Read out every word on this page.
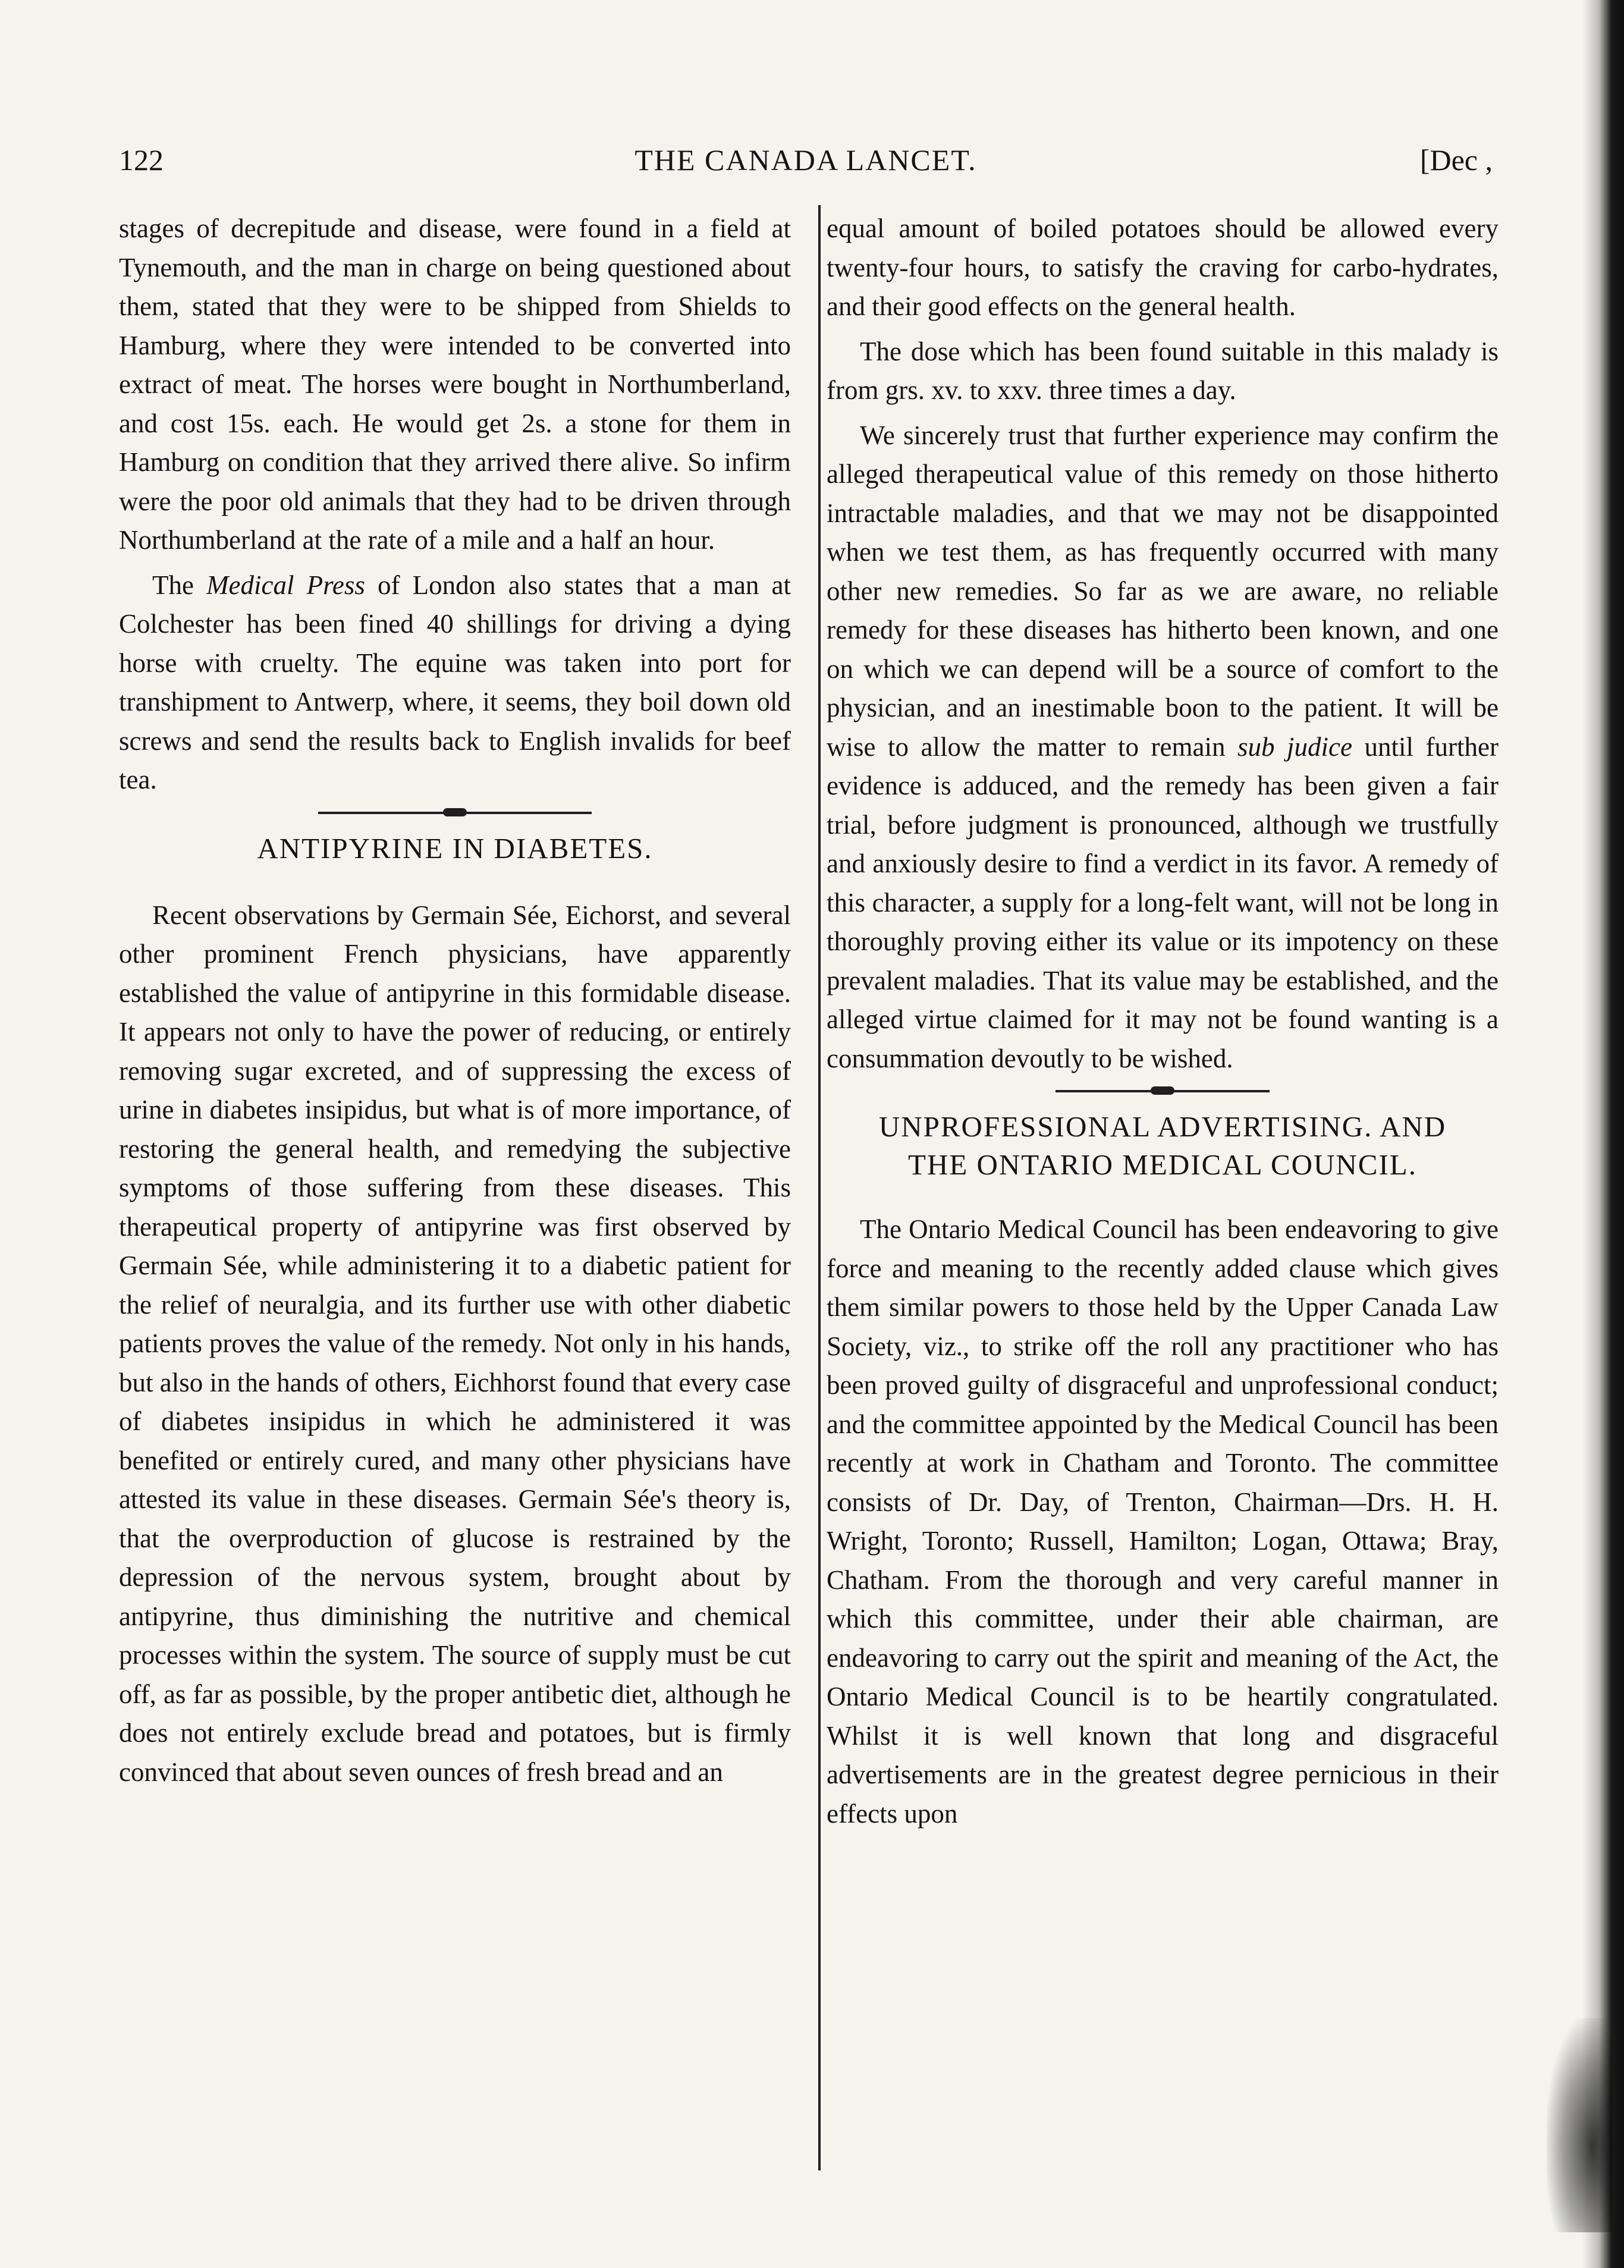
122	THE CANADA LANCET.	[Dec ,

stages of decrepitude and disease, were found in a field at Tynemouth, and the man in charge on being questioned about them, stated that they were to be shipped from Shields to Hamburg, where they were intended to be converted into extract of meat. The horses were bought in Northumberland, and cost 15s. each. He would get 2s. a stone for them in Hamburg on condition that they arrived there alive. So infirm were the poor old animals that they had to be driven through Northumberland at the rate of a mile and a half an hour.

The Medical Press of London also states that a man at Colchester has been fined 40 shillings for driving a dying horse with cruelty. The equine was taken into port for transhipment to Antwerp, where, it seems, they boil down old screws and send the results back to English invalids for beef tea.

ANTIPYRINE IN DIABETES.

Recent observations by Germain Sée, Eichorst, and several other prominent French physicians, have apparently established the value of antipyrine in this formidable disease. It appears not only to have the power of reducing, or entirely removing sugar excreted, and of suppressing the excess of urine in diabetes insipidus, but what is of more importance, of restoring the general health, and remedying the subjective symptoms of those suffering from these diseases. This therapeutical property of antipyrine was first observed by Germain Sée, while administering it to a diabetic patient for the relief of neuralgia, and its further use with other diabetic patients proves the value of the remedy. Not only in his hands, but also in the hands of others, Eichhorst found that every case of diabetes insipidus in which he administered it was benefited or entirely cured, and many other physicians have attested its value in these diseases. Germain Sée's theory is, that the overproduction of glucose is restrained by the depression of the nervous system, brought about by antipyrine, thus diminishing the nutritive and chemical processes within the system. The source of supply must be cut off, as far as possible, by the proper antibetic diet, although he does not entirely exclude bread and potatoes, but is firmly convinced that about seven ounces of fresh bread and an

equal amount of boiled potatoes should be allowed every twenty-four hours, to satisfy the craving for carbo-hydrates, and their good effects on the general health.

The dose which has been found suitable in this malady is from grs. xv. to xxv. three times a day.

We sincerely trust that further experience may confirm the alleged therapeutical value of this remedy on those hitherto intractable maladies, and that we may not be disappointed when we test them, as has frequently occurred with many other new remedies. So far as we are aware, no reliable remedy for these diseases has hitherto been known, and one on which we can depend will be a source of comfort to the physician, and an inestimable boon to the patient. It will be wise to allow the matter to remain sub judice until further evidence is adduced, and the remedy has been given a fair trial, before judgment is pronounced, although we trustfully and anxiously desire to find a verdict in its favor. A remedy of this character, a supply for a long-felt want, will not be long in thoroughly proving either its value or its impotency on these prevalent maladies. That its value may be established, and the alleged virtue claimed for it may not be found wanting is a consummation devoutly to be wished.

UNPROFESSIONAL ADVERTISING. AND
THE ONTARIO MEDICAL COUNCIL.

The Ontario Medical Council has been endeavoring to give force and meaning to the recently added clause which gives them similar powers to those held by the Upper Canada Law Society, viz., to strike off the roll any practitioner who has been proved guilty of disgraceful and unprofessional conduct; and the committee appointed by the Medical Council has been recently at work in Chatham and Toronto. The committee consists of Dr. Day, of Trenton, Chairman—Drs. H. H. Wright, Toronto; Russell, Hamilton; Logan, Ottawa; Bray, Chatham. From the thorough and very careful manner in which this committee, under their able chairman, are endeavoring to carry out the spirit and meaning of the Act, the Ontario Medical Council is to be heartily congratulated. Whilst it is well known that long and disgraceful advertisements are in the greatest degree pernicious in their effects upon
